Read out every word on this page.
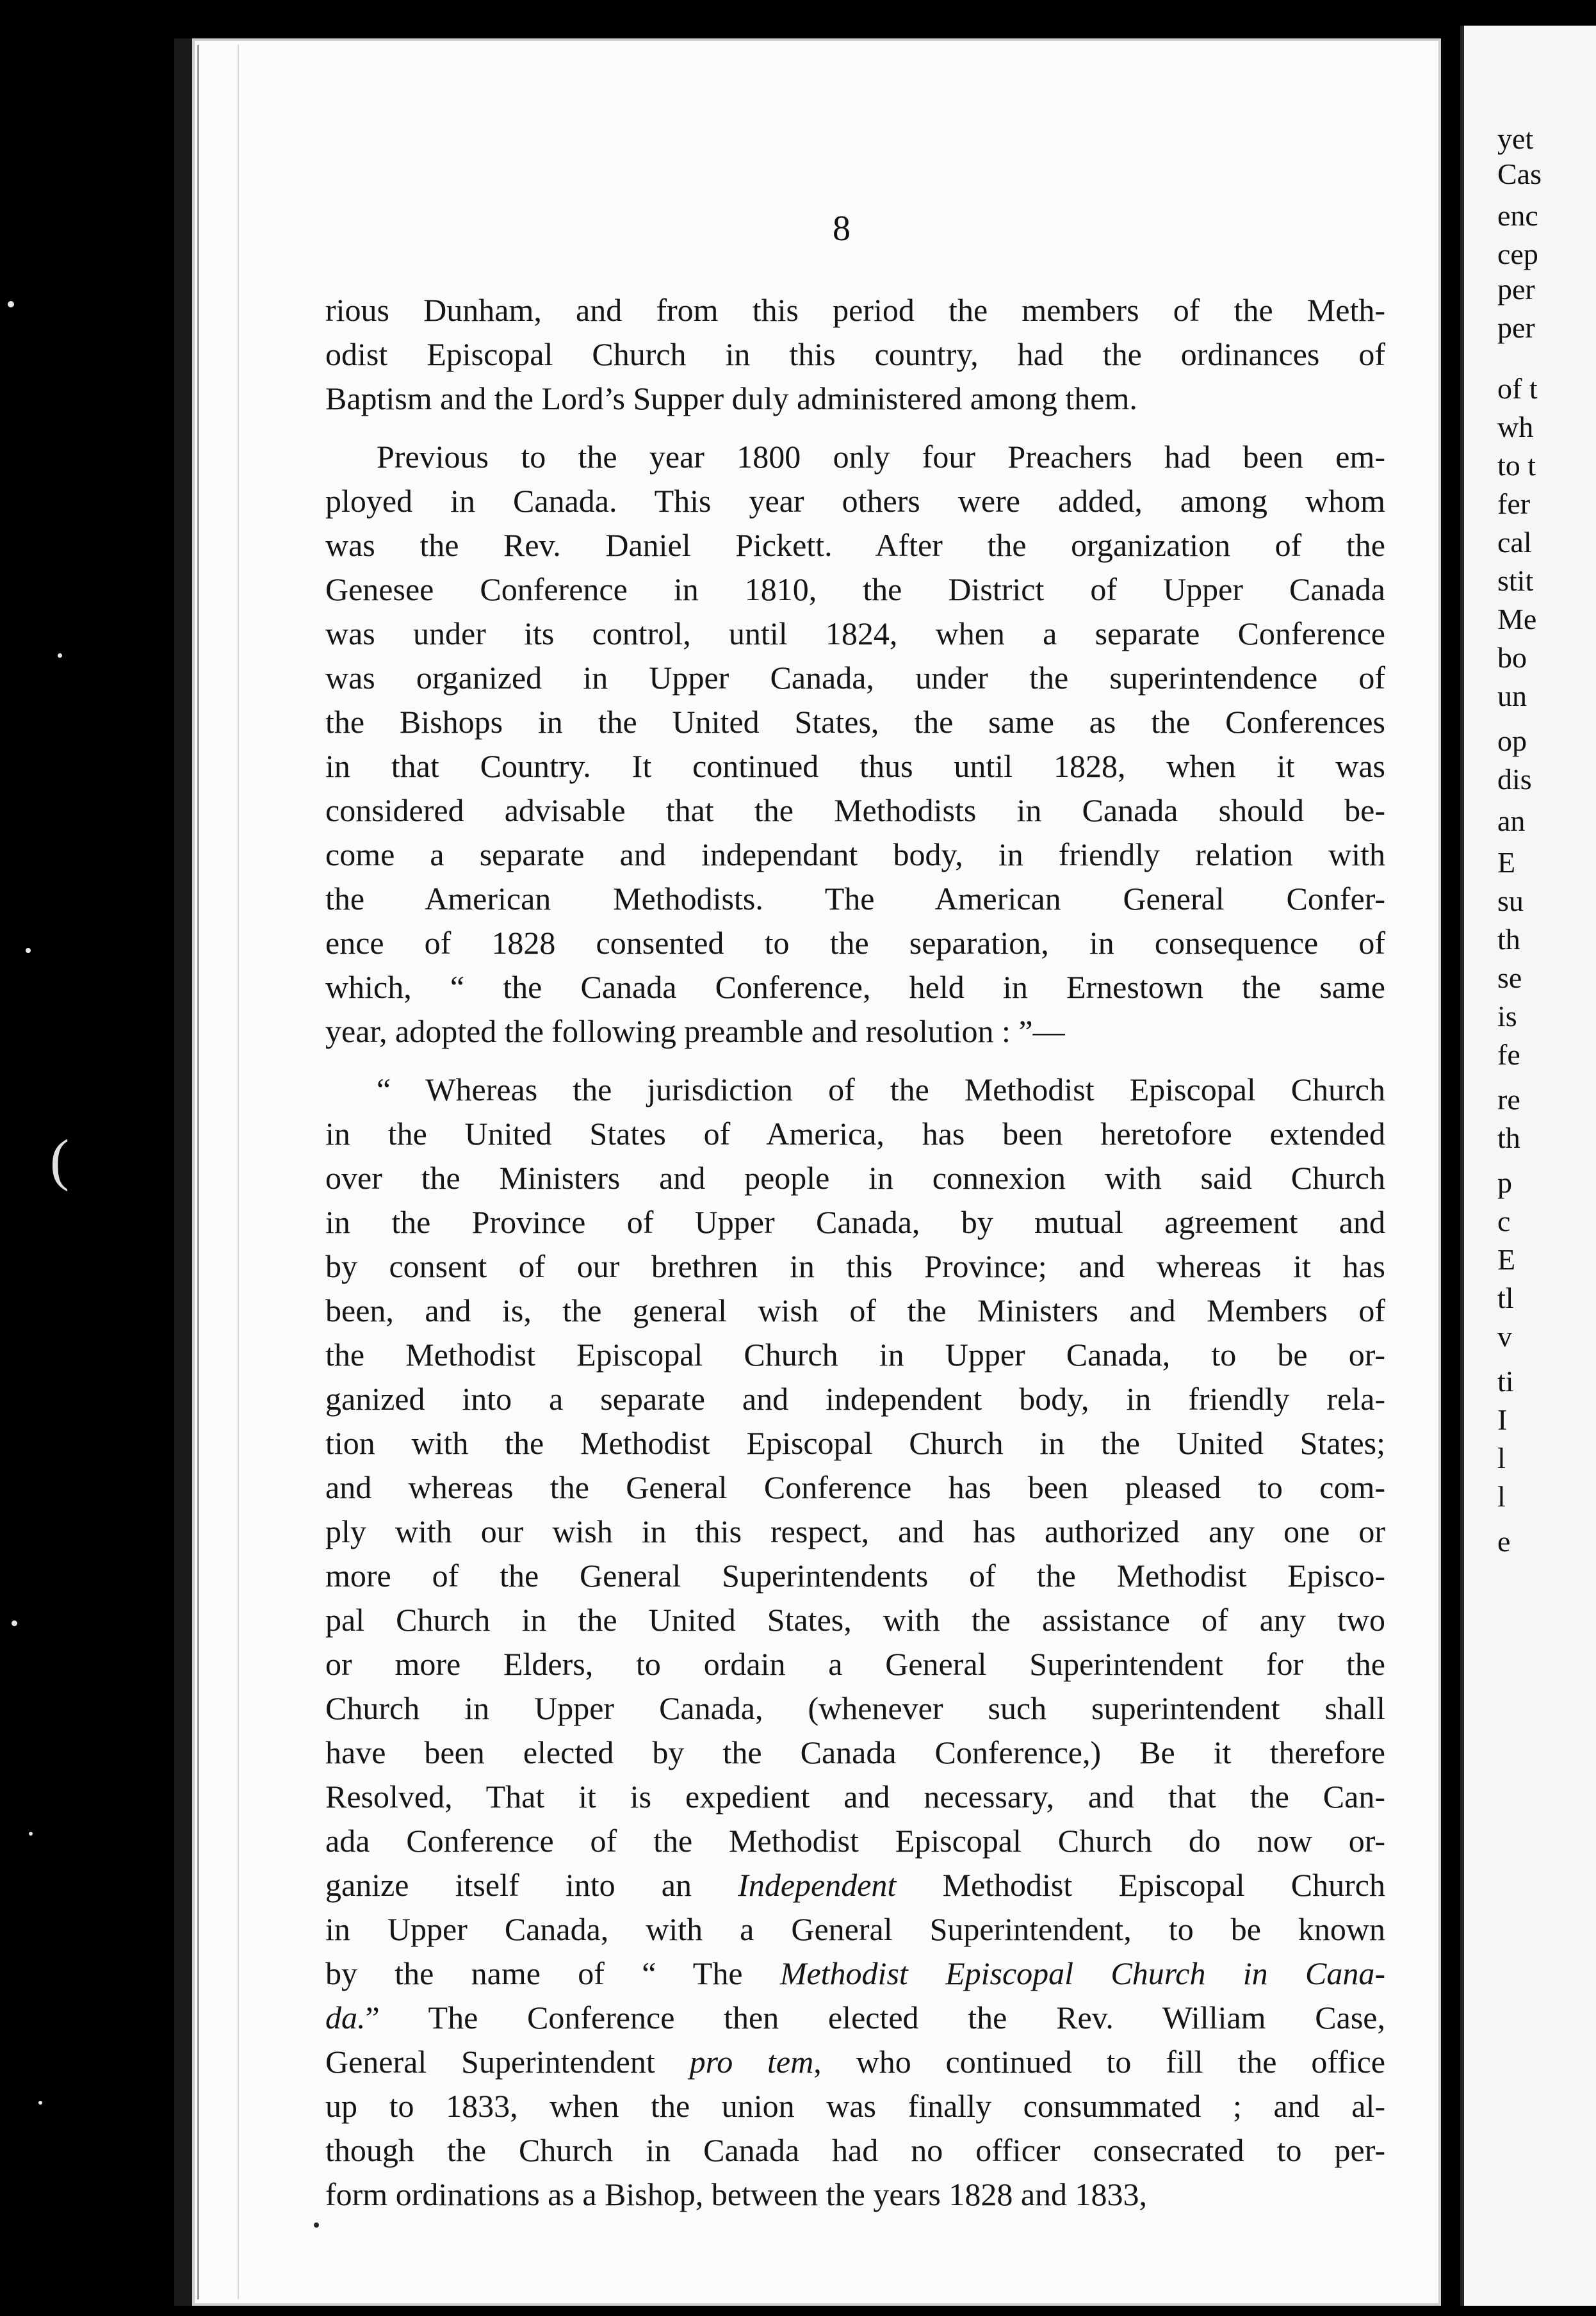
(
8
rious Dunham, and from this period the members of the Meth-
odist Episcopal Church in this country, had the ordinances of
Baptism and the Lord’s Supper duly administered among them.
Previous to the year 1800 only four Preachers had been em-
ployed in Canada. This year others were added, among whom
was the Rev. Daniel Pickett. After the organization of the
Genesee Conference in 1810, the District of Upper Canada
was under its control, until 1824, when a separate Conference
was organized in Upper Canada, under the superintendence of
the Bishops in the United States, the same as the Conferences
in that Country. It continued thus until 1828, when it was
considered advisable that the Methodists in Canada should be-
come a separate and independant body, in friendly relation with
the American Methodists. The American General Confer-
ence of 1828 consented to the separation, in consequence of
which, “ the Canada Conference, held in Ernestown the same
year, adopted the following preamble and resolution : ”—
“ Whereas the jurisdiction of the Methodist Episcopal Church
in the United States of America, has been heretofore extended
over the Ministers and people in connexion with said Church
in the Province of Upper Canada, by mutual agreement and
by consent of our brethren in this Province; and whereas it has
been, and is, the general wish of the Ministers and Members of
the Methodist Episcopal Church in Upper Canada, to be or-
ganized into a separate and independent body, in friendly rela-
tion with the Methodist Episcopal Church in the United States;
and whereas the General Conference has been pleased to com-
ply with our wish in this respect, and has authorized any one or
more of the General Superintendents of the Methodist Episco-
pal Church in the United States, with the assistance of any two
or more Elders, to ordain a General Superintendent for the
Church in Upper Canada, (whenever such superintendent shall
have been elected by the Canada Conference,) Be it therefore
Resolved, That it is expedient and necessary, and that the Can-
ada Conference of the Methodist Episcopal Church do now or-
ganize itself into an Independent Methodist Episcopal Church
in Upper Canada, with a General Superintendent, to be known
by the name of “ The Methodist Episcopal Church in Cana-
da.” The Conference then elected the Rev. William Case,
General Superintendent pro tem, who continued to fill the office
up to 1833, when the union was finally consummated ; and al-
though the Church in Canada had no officer consecrated to per-
form ordinations as a Bishop, between the years 1828 and 1833,
yet
Cas
enc
cep
per
per
of t
wh
to t
fer
cal
stit
Me
bo
un
op
dis
an
E
su
th
se
is
fe
re
th
p
c
E
tl
v
ti
I
l
l
e
